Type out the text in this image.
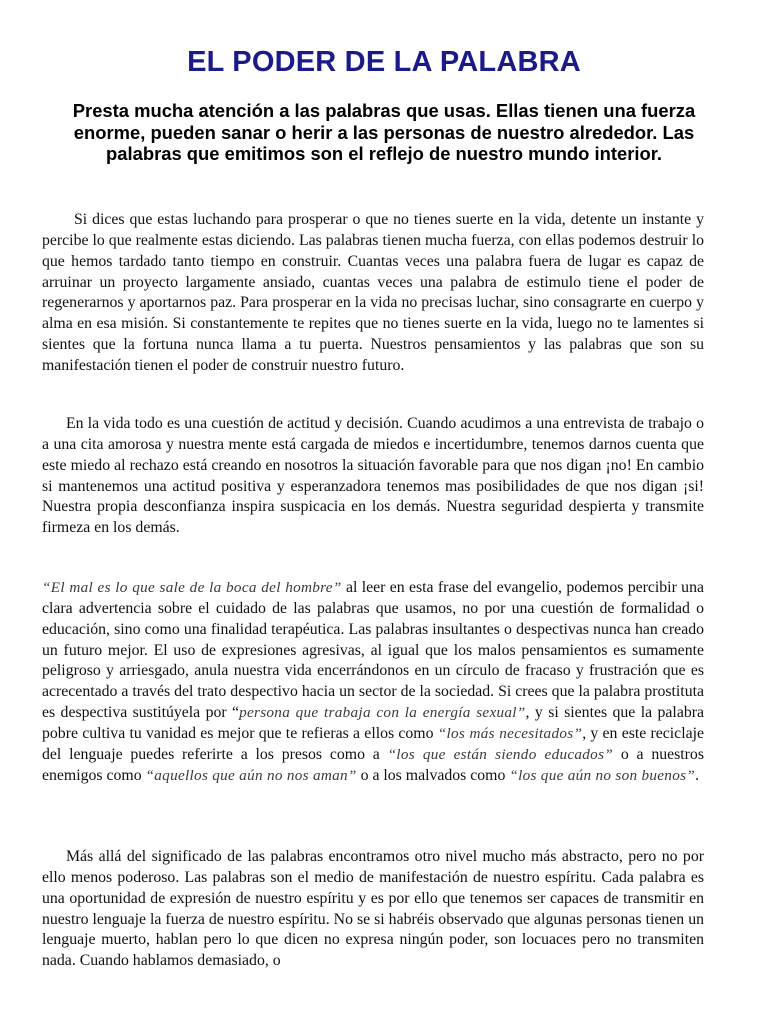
EL PODER DE LA PALABRA

Presta mucha atención a las palabras que usas. Ellas tienen una fuerza enorme, pueden sanar o herir a las personas de nuestro alrededor. Las palabras que emitimos son el reflejo de nuestro mundo interior.

Si dices que estas luchando para prosperar o que no tienes suerte en la vida, detente un instante y percibe lo que realmente estas diciendo. Las palabras tienen mucha fuerza, con ellas podemos destruir lo que hemos tardado tanto tiempo en construir. Cuantas veces una palabra fuera de lugar es capaz de arruinar un proyecto largamente ansiado, cuantas veces una palabra de estimulo tiene el poder de regenerarnos y aportarnos paz. Para prosperar en la vida no precisas luchar, sino consagrarte en cuerpo y alma en esa misión. Si constantemente te repites que no tienes suerte en la vida, luego no te lamentes si sientes que la fortuna nunca llama a tu puerta. Nuestros pensamientos y las palabras que son su manifestación tienen el poder de construir nuestro futuro.

En la vida todo es una cuestión de actitud y decisión. Cuando acudimos a una entrevista de trabajo o a una cita amorosa y nuestra mente está cargada de miedos e incertidumbre, tenemos darnos cuenta que este miedo al rechazo está creando en nosotros la situación favorable para que nos digan ¡no! En cambio si mantenemos una actitud positiva y esperanzadora tenemos mas posibilidades de que nos digan ¡si! Nuestra propia desconfianza inspira suspicacia en los demás. Nuestra seguridad despierta y transmite firmeza en los demás.

“El mal es lo que sale de la boca del hombre” al leer en esta frase del evangelio, podemos percibir una clara advertencia sobre el cuidado de las palabras que usamos, no por una cuestión de formalidad o educación, sino como una finalidad terapéutica. Las palabras insultantes o despectivas nunca han creado un futuro mejor. El uso de expresiones agresivas, al igual que los malos pensamientos es sumamente peligroso y arriesgado, anula nuestra vida encerrándonos en un círculo de fracaso y frustración que es acrecentado a través del trato despectivo hacia un sector de la sociedad. Si crees que la palabra prostituta es despectiva sustitúyela por “persona que trabaja con la energía sexual”, y si sientes que la palabra pobre cultiva tu vanidad es mejor que te refieras a ellos como “los más necesitados”, y en este reciclaje del lenguaje puedes referirte a los presos como a “los que están siendo educados” o a nuestros enemigos como “aquellos que aún no nos aman” o a los malvados como “los que aún no son buenos”.

Más allá del significado de las palabras encontramos otro nivel mucho más abstracto, pero no por ello menos poderoso. Las palabras son el medio de manifestación de nuestro espíritu. Cada palabra es una oportunidad de expresión de nuestro espíritu y es por ello que tenemos ser capaces de transmitir en nuestro lenguaje la fuerza de nuestro espíritu. No se si habréis observado que algunas personas tienen un lenguaje muerto, hablan pero lo que dicen no expresa ningún poder, son locuaces pero no transmiten nada. Cuando hablamos demasiado, o
